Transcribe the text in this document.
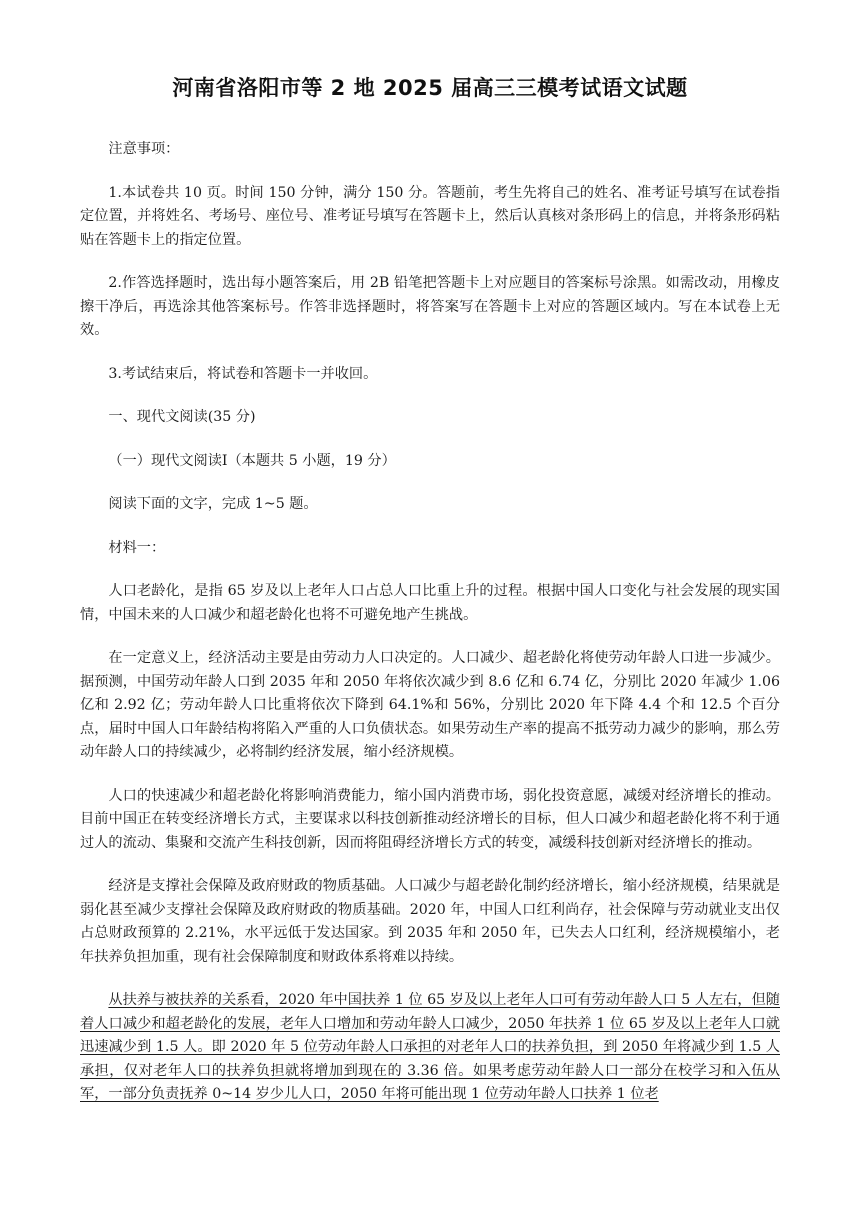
河南省洛阳市等 2 地 2025 届高三三模考试语文试题

注意事项：

1.本试卷共 10 页。时间 150 分钟，满分 150 分。答题前，考生先将自己的姓名、准考证号填写在试卷指定位置，并将姓名、考场号、座位号、准考证号填写在答题卡上，然后认真核对条形码上的信息，并将条形码粘贴在答题卡上的指定位置。

2.作答选择题时，选出每小题答案后，用 2B 铅笔把答题卡上对应题目的答案标号涂黑。如需改动，用橡皮擦干净后，再选涂其他答案标号。作答非选择题时，将答案写在答题卡上对应的答题区域内。写在本试卷上无效。

3.考试结束后，将试卷和答题卡一并收回。

一、现代文阅读(35 分)

（一）现代文阅读Ⅰ（本题共 5 小题，19 分）

阅读下面的文字，完成 1~5 题。

材料一：

人口老龄化，是指 65 岁及以上老年人口占总人口比重上升的过程。根据中国人口变化与社会发展的现实国情，中国未来的人口减少和超老龄化也将不可避免地产生挑战。

在一定意义上，经济活动主要是由劳动力人口决定的。人口减少、超老龄化将使劳动年龄人口进一步减少。据预测，中国劳动年龄人口到 2035 年和 2050 年将依次减少到 8.6 亿和 6.74 亿，分别比 2020 年减少 1.06 亿和 2.92 亿；劳动年龄人口比重将依次下降到 64.1%和 56%，分别比 2020 年下降 4.4 个和 12.5 个百分点，届时中国人口年龄结构将陷入严重的人口负债状态。如果劳动生产率的提高不抵劳动力减少的影响，那么劳动年龄人口的持续减少，必将制约经济发展，缩小经济规模。

人口的快速减少和超老龄化将影响消费能力，缩小国内消费市场，弱化投资意愿，减缓对经济增长的推动。目前中国正在转变经济增长方式，主要谋求以科技创新推动经济增长的目标，但人口减少和超老龄化将不利于通过人的流动、集聚和交流产生科技创新，因而将阻碍经济增长方式的转变，减缓科技创新对经济增长的推动。

经济是支撑社会保障及政府财政的物质基础。人口减少与超老龄化制约经济增长，缩小经济规模，结果就是弱化甚至减少支撑社会保障及政府财政的物质基础。2020 年，中国人口红利尚存，社会保障与劳动就业支出仅占总财政预算的 2.21%，水平远低于发达国家。到 2035 年和 2050 年，已失去人口红利，经济规模缩小，老年扶养负担加重，现有社会保障制度和财政体系将难以持续。

从扶养与被扶养的关系看，2020 年中国扶养 1 位 65 岁及以上老年人口可有劳动年龄人口 5 人左右，但随着人口减少和超老龄化的发展，老年人口增加和劳动年龄人口减少，2050 年扶养 1 位 65 岁及以上老年人口就迅速减少到 1.5 人。即 2020 年 5 位劳动年龄人口承担的对老年人口的扶养负担，到 2050 年将减少到 1.5 人承担，仅对老年人口的扶养负担就将增加到现在的 3.36 倍。如果考虑劳动年龄人口一部分在校学习和入伍从军，一部分负责抚养 0~14 岁少儿人口，2050 年将可能出现 1 位劳动年龄人口扶养 1 位老
